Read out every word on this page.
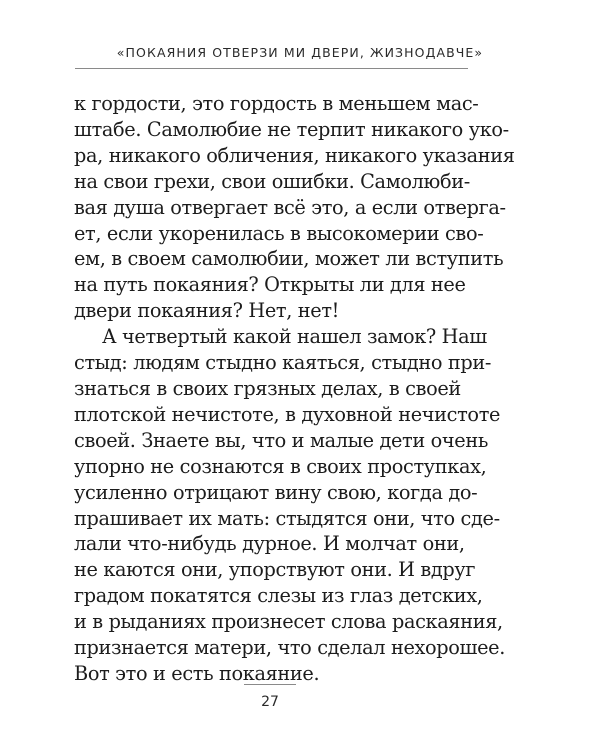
«ПОКАЯНИЯ ОТВЕРЗИ МИ ДВЕРИ, ЖИЗНОДАВЧЕ»
к гордости, это гордость в меньшем мас-
штабе. Самолюбие не терпит никакого уко-
ра, никакого обличения, никакого указания
на свои грехи, свои ошибки. Самолюби-
вая душа отвергает всё это, а если отверга-
ет, если укоренилась в высокомерии сво-
ем, в своем самолюбии, может ли вступить
на путь покаяния? Открыты ли для нее
двери покаяния? Нет, нет!
А четвертый какой нашел замок? Наш
стыд: людям стыдно каяться, стыдно при-
знаться в своих грязных делах, в своей
плотской нечистоте, в духовной нечистоте
своей. Знаете вы, что и малые дети очень
упорно не сознаются в своих проступках,
усиленно отрицают вину свою, когда до-
прашивает их мать: стыдятся они, что сде-
лали что-нибудь дурное. И молчат они,
не каются они, упорствуют они. И вдруг
градом покатятся слезы из глаз детских,
и в рыданиях произнесет слова раскаяния,
признается матери, что сделал нехорошее.
Вот это и есть покаяние.
27
